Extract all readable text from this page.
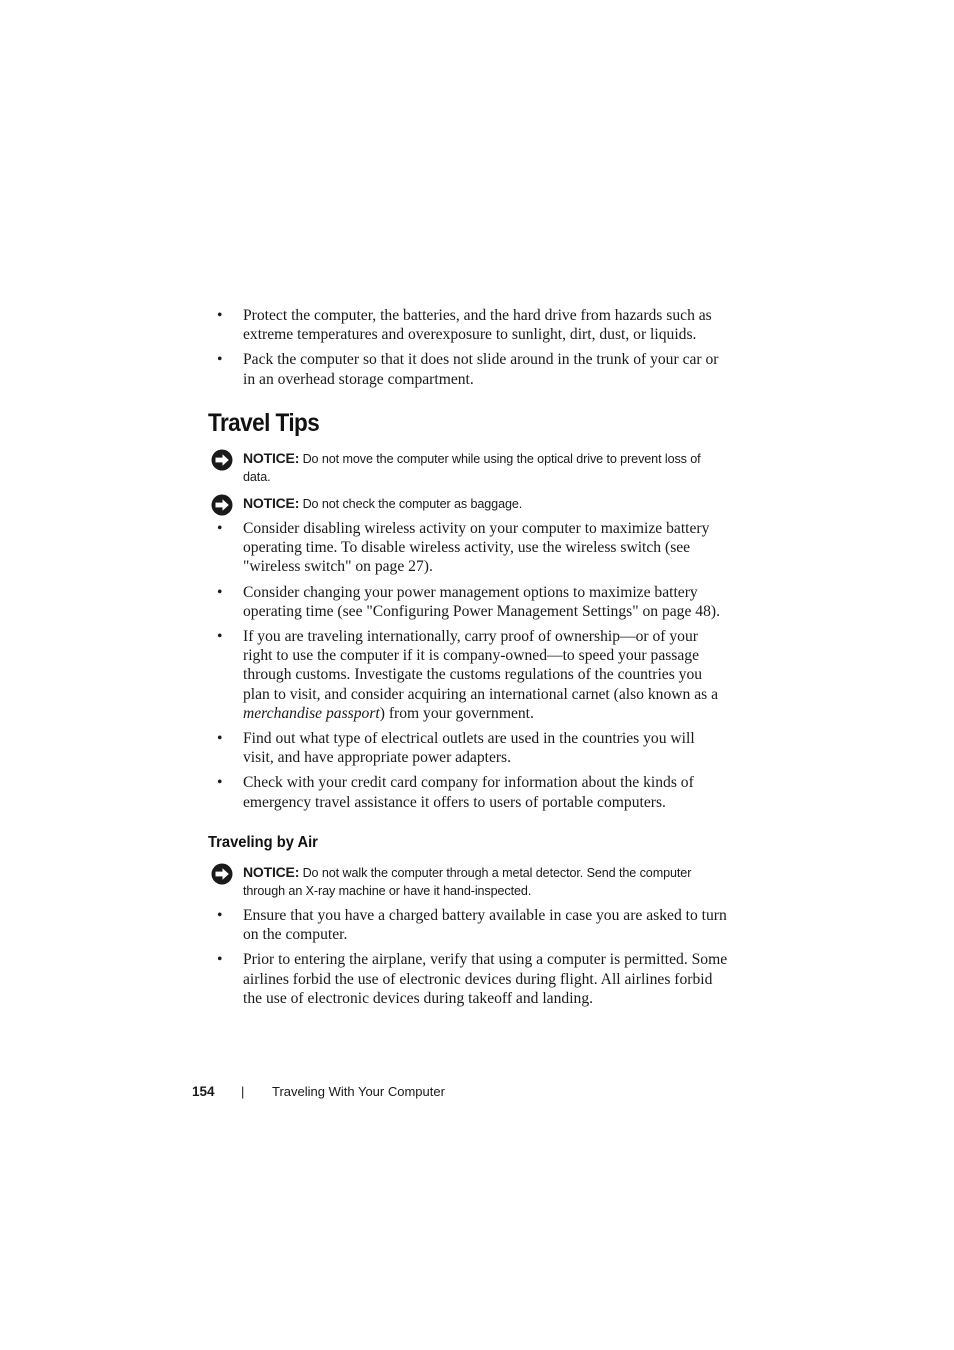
• Protect the computer, the batteries, and the hard drive from hazards such as extreme temperatures and overexposure to sunlight, dirt, dust, or liquids.

• Pack the computer so that it does not slide around in the trunk of your car or in an overhead storage compartment.

Travel Tips
NOTICE: Do not move the computer while using the optical drive to prevent loss of data.
NOTICE: Do not check the computer as baggage.

• Consider disabling wireless activity on your computer to maximize battery operating time. To disable wireless activity, use the wireless switch (see "wireless switch" on page 27).

• Consider changing your power management options to maximize battery operating time (see "Configuring Power Management Settings" on page 48).

• If you are traveling internationally, carry proof of ownership—or of your right to use the computer if it is company-owned—to speed your passage through customs. Investigate the customs regulations of the countries you plan to visit, and consider acquiring an international carnet (also known as a merchandise passport) from your government.

• Find out what type of electrical outlets are used in the countries you will visit, and have appropriate power adapters.

• Check with your credit card company for information about the kinds of emergency travel assistance it offers to users of portable computers.

Traveling by Air
NOTICE: Do not walk the computer through a metal detector. Send the computer through an X-ray machine or have it hand-inspected.

• Ensure that you have a charged battery available in case you are asked to turn on the computer.

• Prior to entering the airplane, verify that using a computer is permitted. Some airlines forbid the use of electronic devices during flight. All airlines forbid the use of electronic devices during takeoff and landing.

154 | Traveling With Your Computer
